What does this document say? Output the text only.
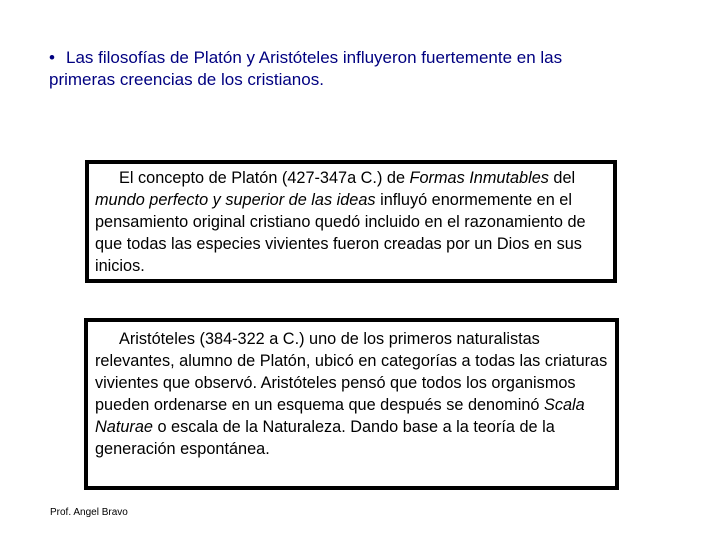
• Las filosofías de Platón y Aristóteles influyeron fuertemente en las primeras creencias de los cristianos.
El concepto de Platón (427-347a C.) de Formas Inmutables del mundo perfecto y superior de las ideas influyó enormemente en el pensamiento original cristiano quedó incluido en el razonamiento de que todas las especies vivientes fueron creadas por un Dios en sus inicios.
Aristóteles (384-322 a C.) uno de los primeros naturalistas relevantes, alumno de Platón, ubicó en categorías a todas las criaturas vivientes que observó. Aristóteles pensó que todos los organismos pueden ordenarse en un esquema que después se denominó Scala Naturae o escala de la Naturaleza. Dando base a la teoría de la generación espontánea.
Prof. Angel Bravo
